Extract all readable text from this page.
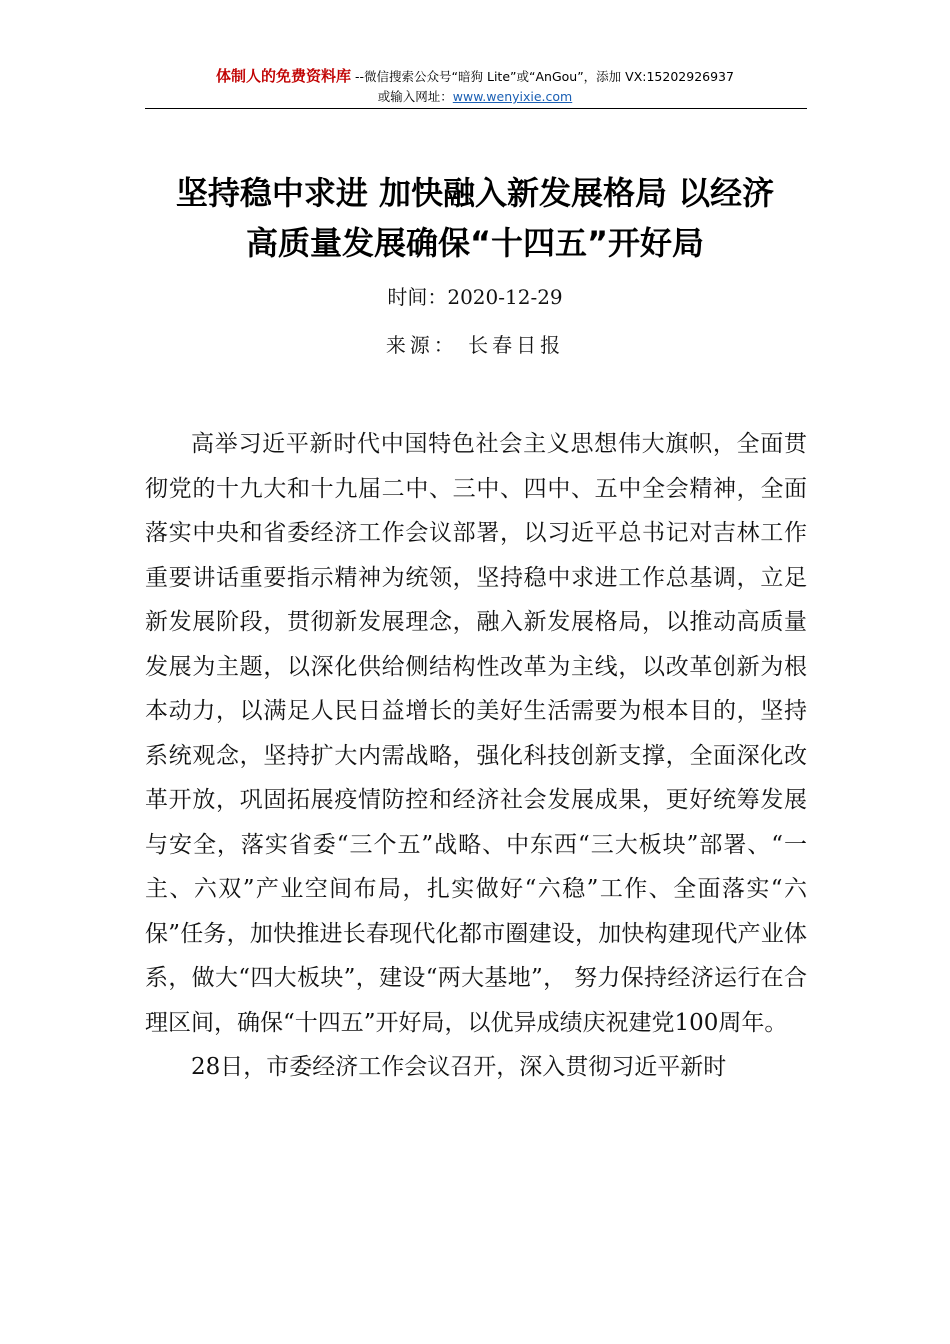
体制人的免费资料库 --微信搜索公众号“暗狗 Lite”或“AnGou”，添加 VX:15202926937
或输入网址：www.wenyixie.com
坚持稳中求进 加快融入新发展格局 以经济
高质量发展确保“十四五”开好局
时间：2020-12-29
来源： 长春日报

高举习近平新时代中国特色社会主义思想伟大旗帜，全面贯彻党的十九大和十九届二中、三中、四中、五中全会精神，全面落实中央和省委经济工作会议部署，以习近平总书记对吉林工作重要讲话重要指示精神为统领，坚持稳中求进工作总基调，立足新发展阶段，贯彻新发展理念，融入新发展格局，以推动高质量发展为主题，以深化供给侧结构性改革为主线，以改革创新为根本动力，以满足人民日益增长的美好生活需要为根本目的，坚持系统观念，坚持扩大内需战略，强化科技创新支撑，全面深化改革开放，巩固拓展疫情防控和经济社会发展成果，更好统筹发展与安全，落实省委“三个五”战略、中东西“三大板块”部署、“一主、六双”产业空间布局，扎实做好“六稳”工作、全面落实“六保”任务，加快推进长春现代化都市圈建设，加快构建现代产业体系，做大“四大板块”，建设“两大基地”， 努力保持经济运行在合理区间，确保“十四五”开好局，以优异成绩庆祝建党100周年。

28日，市委经济工作会议召开，深入贯彻习近平新时
